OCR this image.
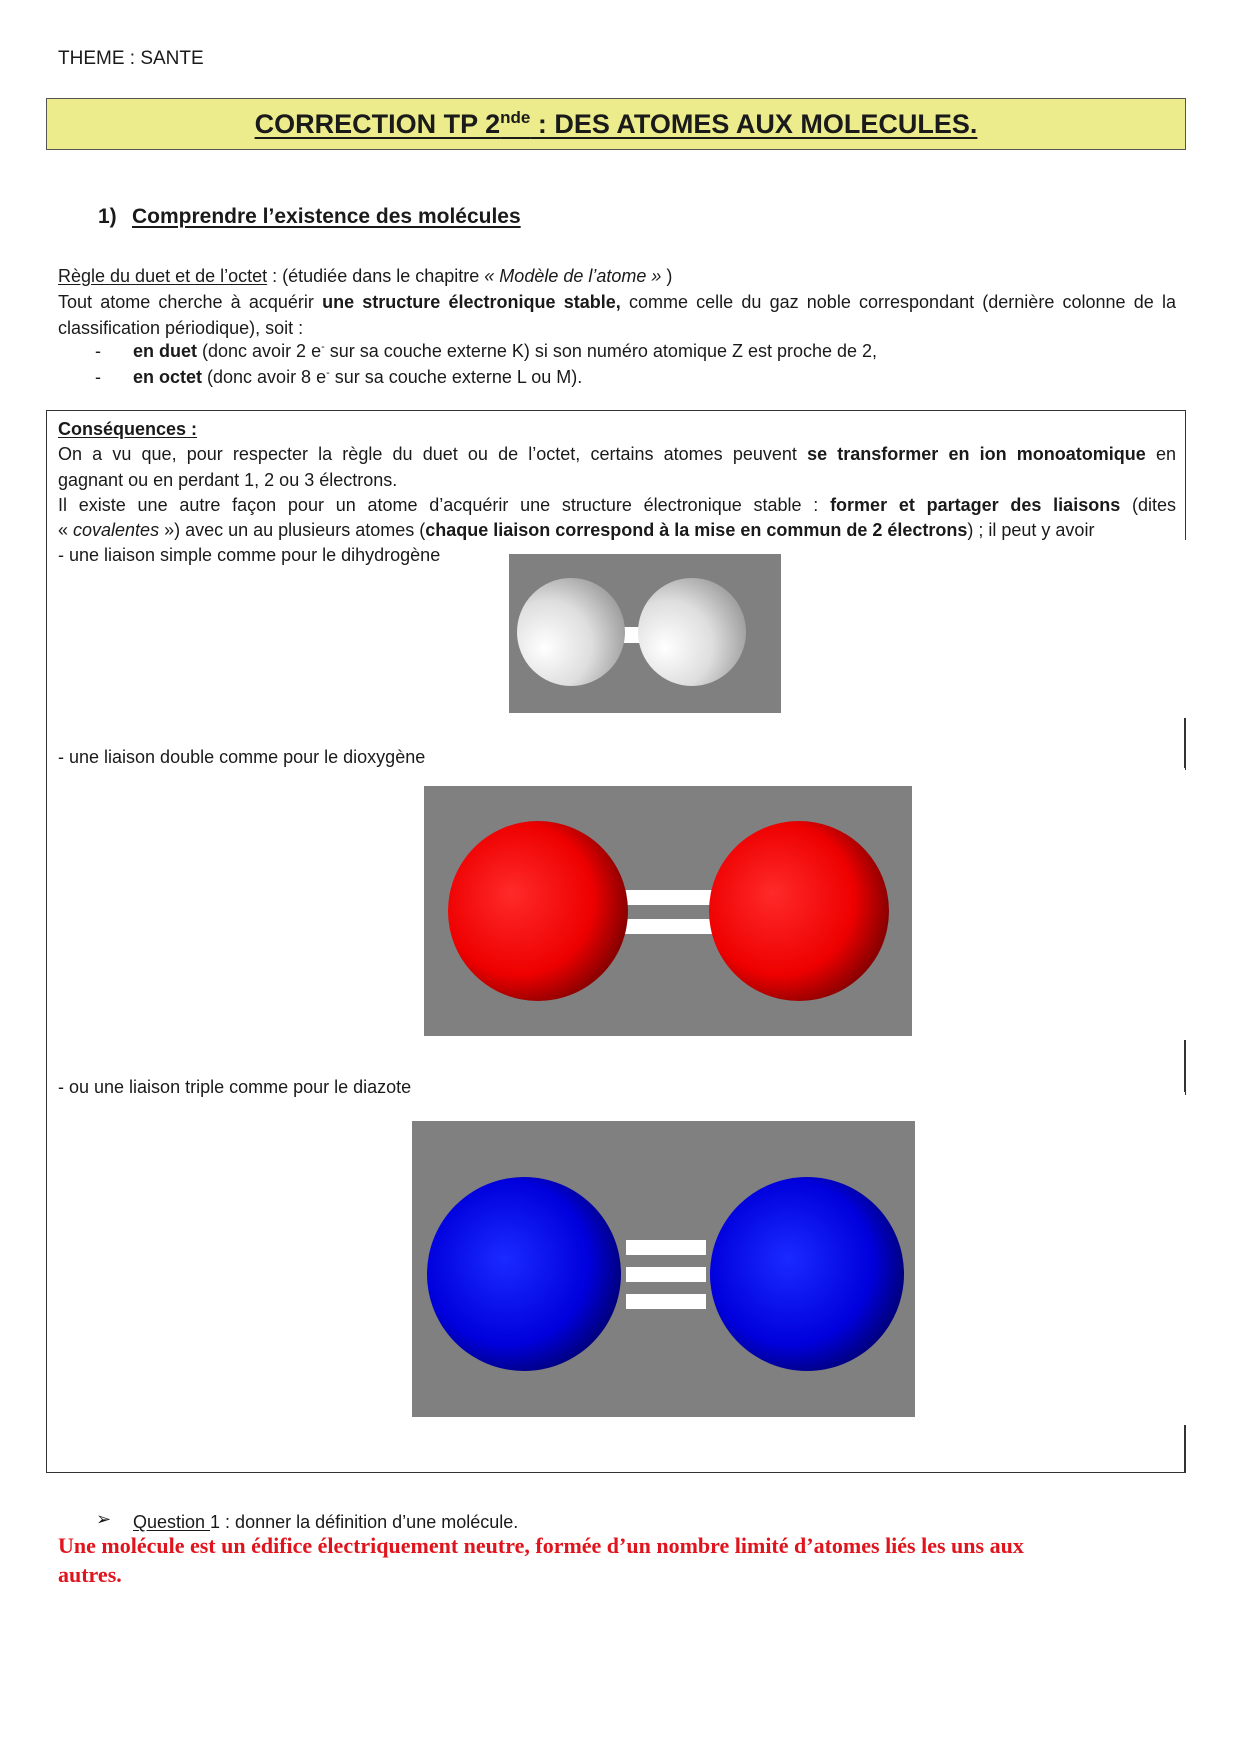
THEME : SANTE
CORRECTION TP 2nde : DES ATOMES AUX MOLECULES.
1) Comprendre l’existence des molécules
Règle du duet et de l’octet : (étudiée dans le chapitre « Modèle de l’atome » )
Tout atome cherche à acquérir une structure électronique stable, comme celle du gaz noble correspondant (dernière colonne de la
classification périodique), soit :
- en duet (donc avoir 2 e- sur sa couche externe K) si son numéro atomique Z est proche de 2,
- en octet (donc avoir 8 e- sur sa couche externe L ou M).
Conséquences :
On a vu que, pour respecter la règle du duet ou de l’octet, certains atomes peuvent se transformer en ion monoatomique en
gagnant ou en perdant 1, 2 ou 3 électrons.
Il existe une autre façon pour un atome d’acquérir une structure électronique stable : former et partager des liaisons (dites
« covalentes ») avec un au plusieurs atomes (chaque liaison correspond à la mise en commun de 2 électrons) ; il peut y avoir
- une liaison simple comme pour le dihydrogène
- une liaison double comme pour le dioxygène
- ou une liaison triple comme pour le diazote
➢ Question 1 : donner la définition d’une molécule.
Une molécule est un édifice électriquement neutre, formée d’un nombre limité d’atomes liés les uns aux
autres.
